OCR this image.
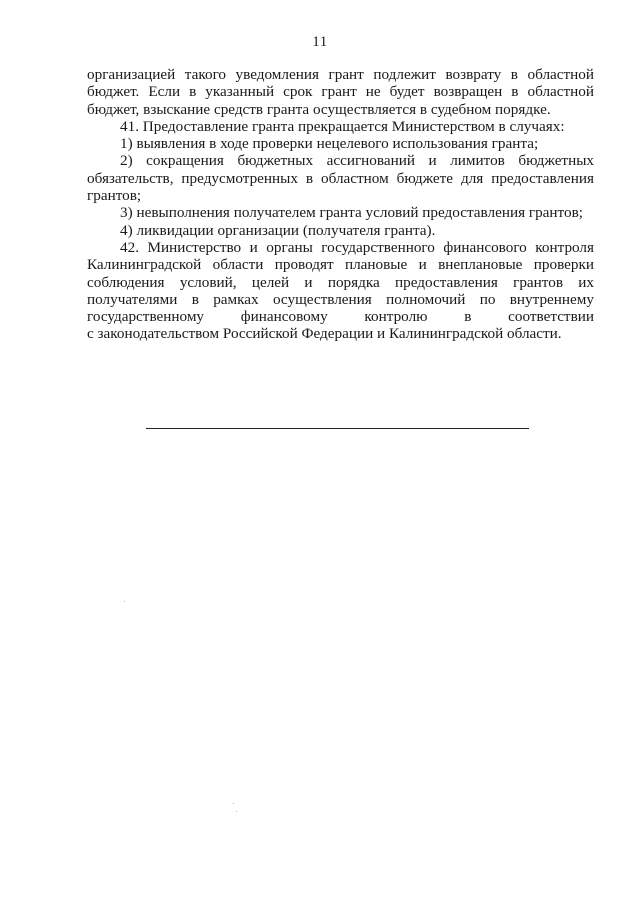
11

организацией такого уведомления грант подлежит возврату в областной бюджет. Если в указанный срок грант не будет возвращен в областной бюджет, взыскание средств гранта осуществляется в судебном порядке.

41. Предоставление гранта прекращается Министерством в случаях:

1) выявления в ходе проверки нецелевого использования гранта;

2) сокращения бюджетных ассигнований и лимитов бюджетных обязательств, предусмотренных в областном бюджете для предоставления грантов;

3) невыполнения получателем гранта условий предоставления грантов;

4) ликвидации организации (получателя гранта).

42. Министерство и органы государственного финансового контроля Калининградской области проводят плановые и внеплановые проверки соблюдения условий, целей и порядка предоставления грантов их получателями в рамках осуществления полномочий по внутреннему государственному финансовому контролю в соответствии

с законодательством Российской Федерации и Калининградской области.
